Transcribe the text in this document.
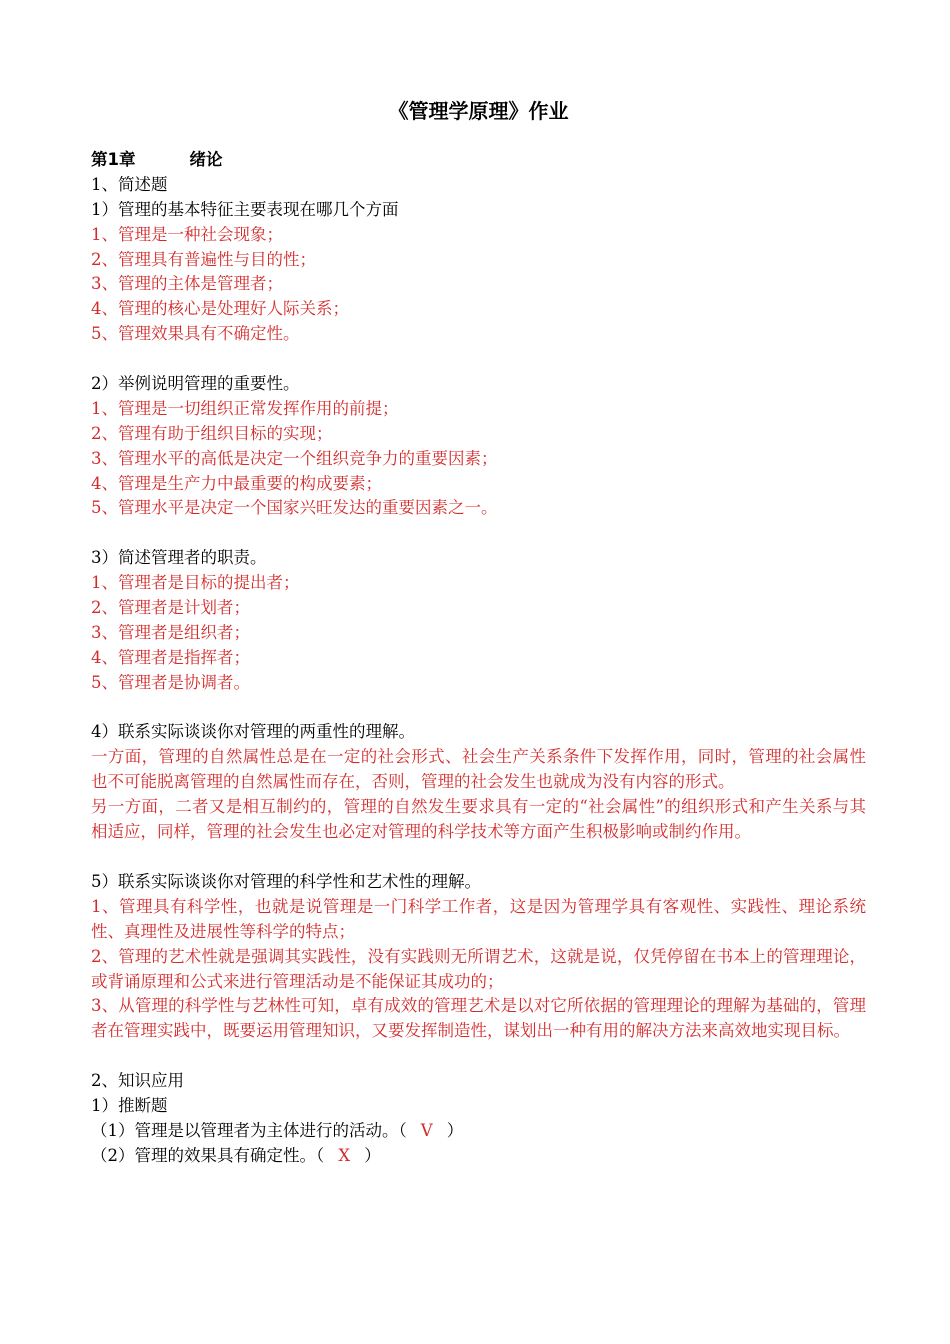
《管理学原理》作业
第1章	绪论
1、简述题
1）管理的基本特征主要表现在哪几个方面
1、管理是一种社会现象；
2、管理具有普遍性与目的性；
3、管理的主体是管理者；
4、管理的核心是处理好人际关系；
5、管理效果具有不确定性。
2）举例说明管理的重要性。
1、管理是一切组织正常发挥作用的前提；
2、管理有助于组织目标的实现；
3、管理水平的高低是决定一个组织竞争力的重要因素；
4、管理是生产力中最重要的构成要素；
5、管理水平是决定一个国家兴旺发达的重要因素之一。
3）简述管理者的职责。
1、管理者是目标的提出者；
2、管理者是计划者；
3、管理者是组织者；
4、管理者是指挥者；
5、管理者是协调者。
4）联系实际谈谈你对管理的两重性的理解。
一方面，管理的自然属性总是在一定的社会形式、社会生产关系条件下发挥作用，同时，管理的社会属性也不可能脱离管理的自然属性而存在，否则，管理的社会发生也就成为没有内容的形式。
另一方面，二者又是相互制约的，管理的自然发生要求具有一定的“社会属性”的组织形式和产生关系与其相适应，同样，管理的社会发生也必定对管理的科学技术等方面产生积极影响或制约作用。
5）联系实际谈谈你对管理的科学性和艺术性的理解。
1、管理具有科学性，也就是说管理是一门科学工作者，这是因为管理学具有客观性、实践性、理论系统性、真理性及进展性等科学的特点；
2、管理的艺术性就是强调其实践性，没有实践则无所谓艺术，这就是说，仅凭停留在书本上的管理理论，或背诵原理和公式来进行管理活动是不能保证其成功的；
3、从管理的科学性与艺林性可知，卓有成效的管理艺术是以对它所依据的管理理论的理解为基础的，管理者在管理实践中，既要运用管理知识，又要发挥制造性，谋划出一种有用的解决方法来高效地实现目标。
2、知识应用
1）推断题
（1）管理是以管理者为主体进行的活动。（ V ）
（2）管理的效果具有确定性。（ X ）
